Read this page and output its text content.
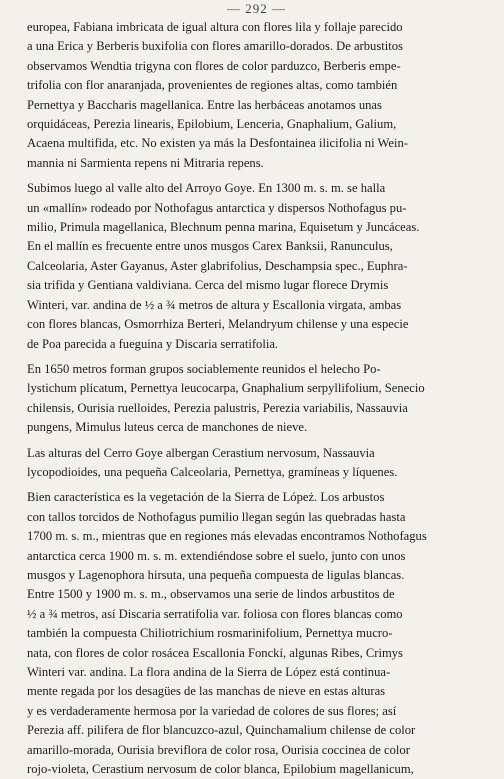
— 292 —
europea, Fabiana imbricata de igual altura con flores lila y follaje parecido
a una Erica y Berberis buxifolia con flores amarillo-dorados. De arbustitos
observamos Wendtia trigyna con flores de color parduzco, Berberis empe-
trifolia con flor anaranjada, provenientes de regiones altas, como también
Pernettya y Baccharis magellanica. Entre las herbáceas anotamos unas
orquidáceas, Perezia linearis, Epilobium, Lenceria, Gnaphalium, Galium,
Acaena multifida, etc. No existen ya más la Desfontainea ilicifolia ni Wein-
mannia ni Sarmienta repens ni Mitraria repens.
Subimos luego al valle alto del Arroyo Goye. En 1300 m. s. m. se halla
un «mallín» rodeado por Nothofagus antarctica y dispersos Nothofagus pu-
milio, Primula magellanica, Blechnum penna marina, Equisetum y Juncáceas.
En el mallín es frecuente entre unos musgos Carex Banksii, Ranunculus,
Calceolaria, Aster Gayanus, Aster glabrifolius, Deschampsia spec., Euphra-
sia trifida y Gentiana valdiviana. Cerca del mismo lugar florece Drymis
Winteri, var. andina de ½ a ¾ metros de altura y Escallonia virgata, ambas
con flores blancas, Osmorrhiza Berteri, Melandryum chilense y una especie
de Poa parecida a fueguina y Discaria serratifolia.
En 1650 metros forman grupos sociablemente reunidos el helecho Po-
lystichum plicatum, Pernettya leucocarpa, Gnaphalium serpyllifolium, Senecio
chilensis, Ourisia ruelloides, Perezia palustris, Perezia variabilis, Nassauvia
pungens, Mimulus luteus cerca de manchones de nieve.
Las alturas del Cerro Goye albergan Cerastium nervosum, Nassauvia
lycopodioides, una pequeña Calceolaria, Pernettya, gramíneas y líquenes.
Bien característica es la vegetación de la Sierra de Lópeż. Los arbustos
con tallos torcidos de Nothofagus pumilio llegan según las quebradas hasta
1700 m. s. m., mientras que en regiones más elevadas encontramos Nothofagus
antarctica cerca 1900 m. s. m. extendiéndose sobre el suelo, junto con unos
musgos y Lagenophora hirsuta, una pequeña compuesta de ligulas blancas.
Entre 1500 y 1900 m. s. m., observamos una serie de lindos arbustitos de
½ a ¾ metros, así Discaria serratifolia var. foliosa con flores blancas como
también la compuesta Chiliotrichium rosmarinifolium, Pernettya mucro-
nata, con flores de color rosácea Escallonia Fonckí, algunas Ribes, Crimys
Winteri var. andina. La flora andina de la Sierra de López está continua-
mente regada por los desagües de las manchas de nieve en estas alturas
y es verdaderamente hermosa por la variedad de colores de sus flores; así
Perezia aff. pilifera de flor blancuzco-azul, Quinchamalium chilense de color
amarillo-morada, Ourisia breviflora de color rosa, Ourisia coccinea de color
rojo-violeta, Cerastium nervosum de color blanca, Epilobium magellanicum,
